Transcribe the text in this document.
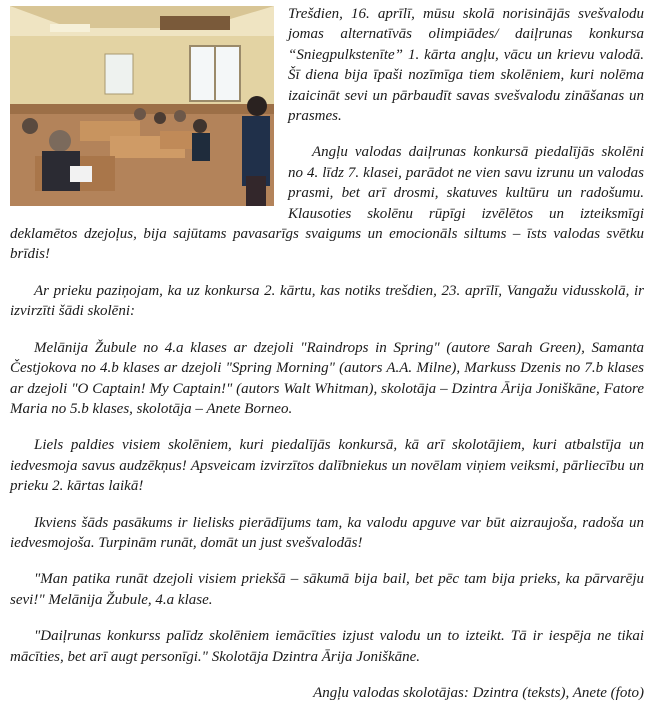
Trešdien, 16. aprīlī, mūsu skolā norisinājās svešvalodu jomas alternatīvās olimpiādes/ daiļrunas konkursa “Sniegpulkstenīte” 1. kārta angļu, vācu un krievu valodā. Šī diena bija īpaši nozīmīga tiem skolēniem, kuri nolēma izaicināt sevi un pārbaudīt savas svešvalodu zināšanas un prasmes.

Angļu valodas daiļrunas konkursā piedalījās skolēni no 4. līdz 7. klasei, parādot ne vien savu izrunu un valodas prasmi, bet arī drosmi, skatuves kultūru un radošumu. Klausoties skolēnu rūpīgi izvēlētos un izteiksmīgi deklamētos dzejoļus, bija sajūtams pavasarīgs svaigums un emocionāls siltums – īsts valodas svētku brīdis!

Ar prieku paziņojam, ka uz konkursa 2. kārtu, kas notiks trešdien, 23. aprīlī, Vangažu vidusskolā, ir izvirzīti šādi skolēni:

Melānija Žubule no 4.a klases ar dzejoli "Raindrops in Spring" (autore Sarah Green), Samanta Čestjokova no 4.b klases ar dzejoli "Spring Morning" (autors A.A. Milne), Markuss Dzenis no 7.b klases ar dzejoli "O Captain! My Captain!" (autors Walt Whitman), skolotāja – Dzintra Ārija Joniškāne, Fatore Maria no 5.b klases, skolotāja – Anete Borneo.

Liels paldies visiem skolēniem, kuri piedalījās konkursā, kā arī skolotājiem, kuri atbalstīja un iedvesmoja savus audzēkņus! Apsveicam izvirzītos dalībniekus un novēlam viņiem veiksmi, pārliecību un prieku 2. kārtas laikā!

Ikviens šāds pasākums ir lielisks pierādījums tam, ka valodu apguve var būt aizraujoša, radoša un iedvesmojoša. Turpinām runāt, domāt un just svešvalodās!

"Man patika runāt dzejoli visiem priekšā – sākumā bija bail, bet pēc tam bija prieks, ka pārvarēju sevi!" Melānija Žubule, 4.a klase.

"Daiļrunas konkurss palīdz skolēniem iemācīties izjust valodu un to izteikt. Tā ir iespēja ne tikai mācīties, bet arī augt personīgi." Skolotāja Dzintra Ārija Joniškāne.

Angļu valodas skolotājas: Dzintra (teksts), Anete (foto)
